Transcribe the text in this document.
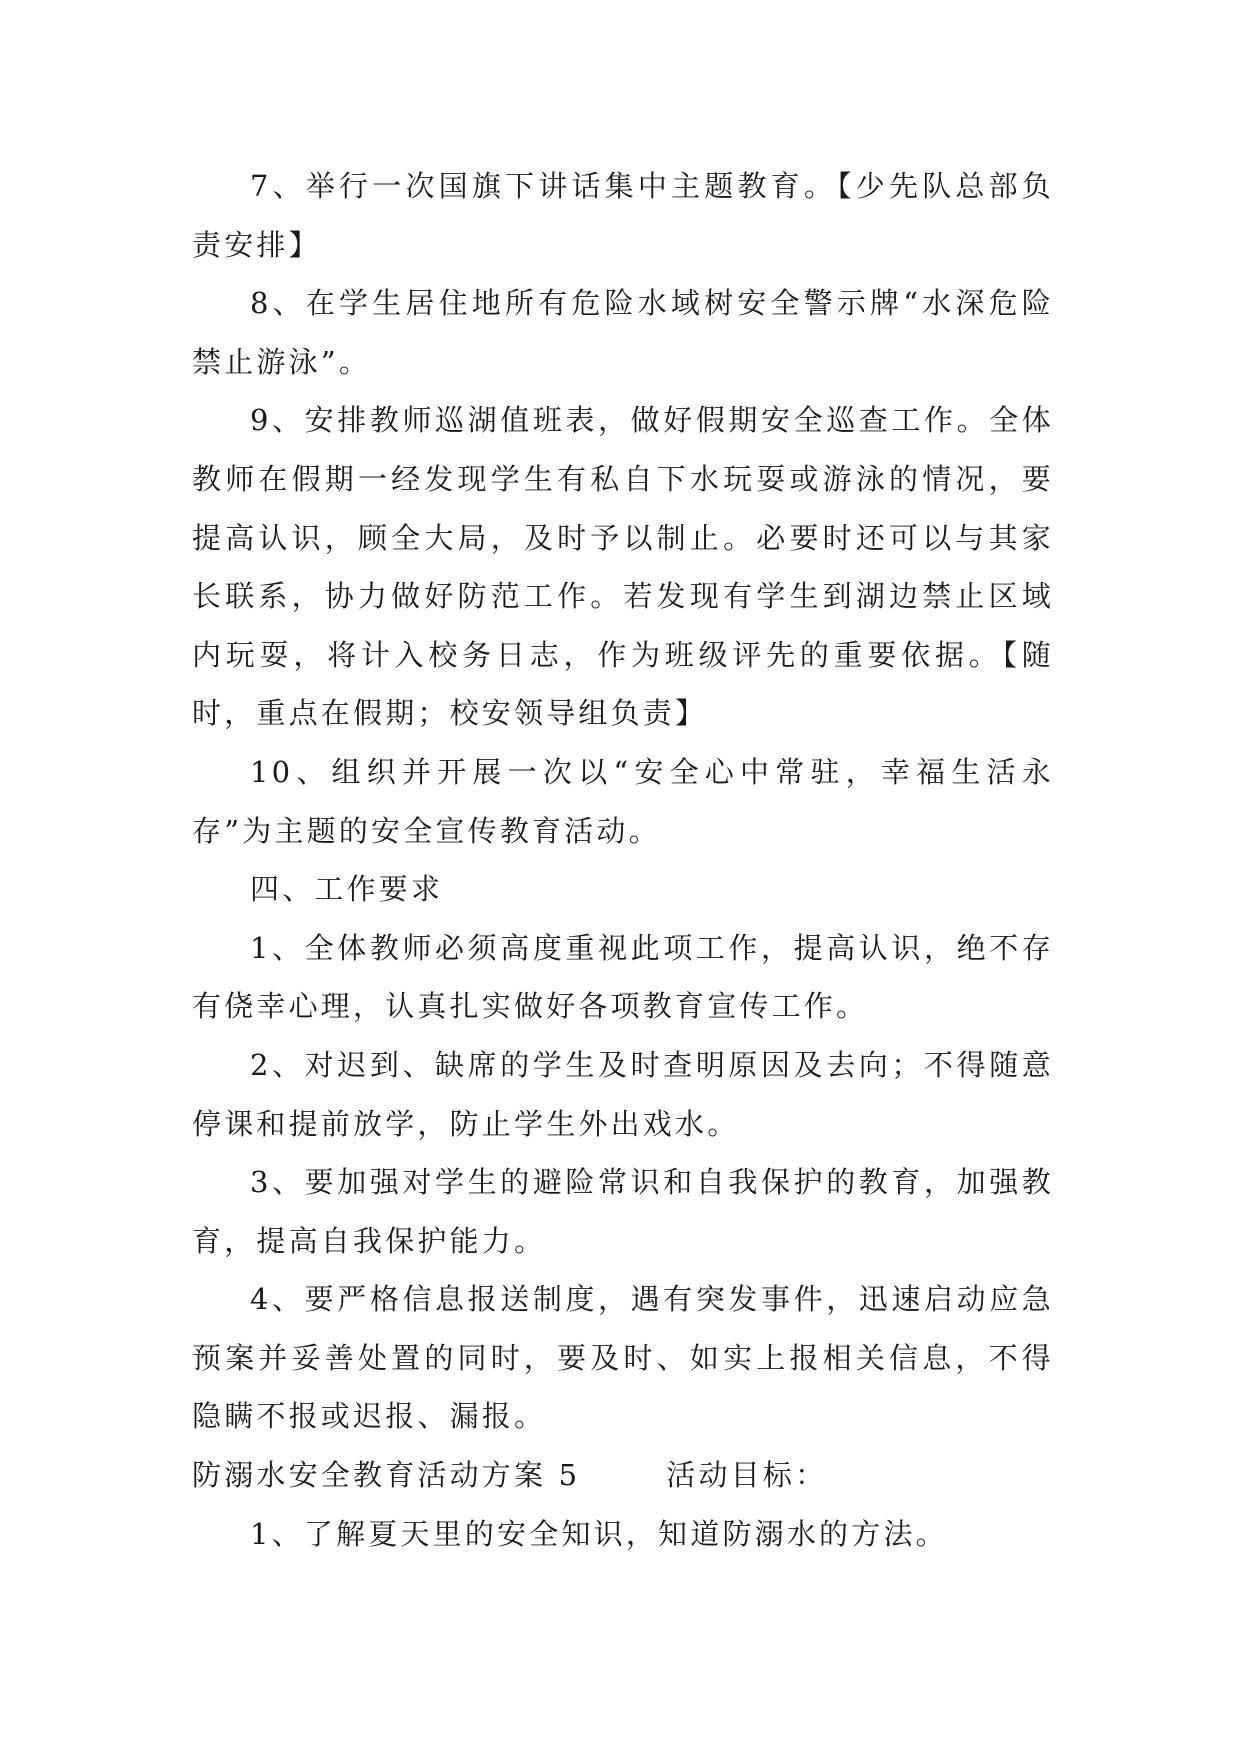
7、举行一次国旗下讲话集中主题教育。【少先队总部负责安排】

8、在学生居住地所有危险水域树安全警示牌“水深危险禁止游泳”。

9、安排教师巡湖值班表，做好假期安全巡查工作。全体教师在假期一经发现学生有私自下水玩耍或游泳的情况，要提高认识，顾全大局，及时予以制止。必要时还可以与其家长联系，协力做好防范工作。若发现有学生到湖边禁止区域内玩耍，将计入校务日志，作为班级评先的重要依据。【随时，重点在假期；校安领导组负责】

10、组织并开展一次以“安全心中常驻，幸福生活永存”为主题的安全宣传教育活动。

四、工作要求

1、全体教师必须高度重视此项工作，提高认识，绝不存有侥幸心理，认真扎实做好各项教育宣传工作。

2、对迟到、缺席的学生及时查明原因及去向；不得随意停课和提前放学，防止学生外出戏水。

3、要加强对学生的避险常识和自我保护的教育，加强教育，提高自我保护能力。

4、要严格信息报送制度，遇有突发事件，迅速启动应急预案并妥善处置的同时，要及时、如实上报相关信息，不得隐瞒不报或迟报、漏报。

防溺水安全教育活动方案 5	活动目标：

1、了解夏天里的安全知识，知道防溺水的方法。
